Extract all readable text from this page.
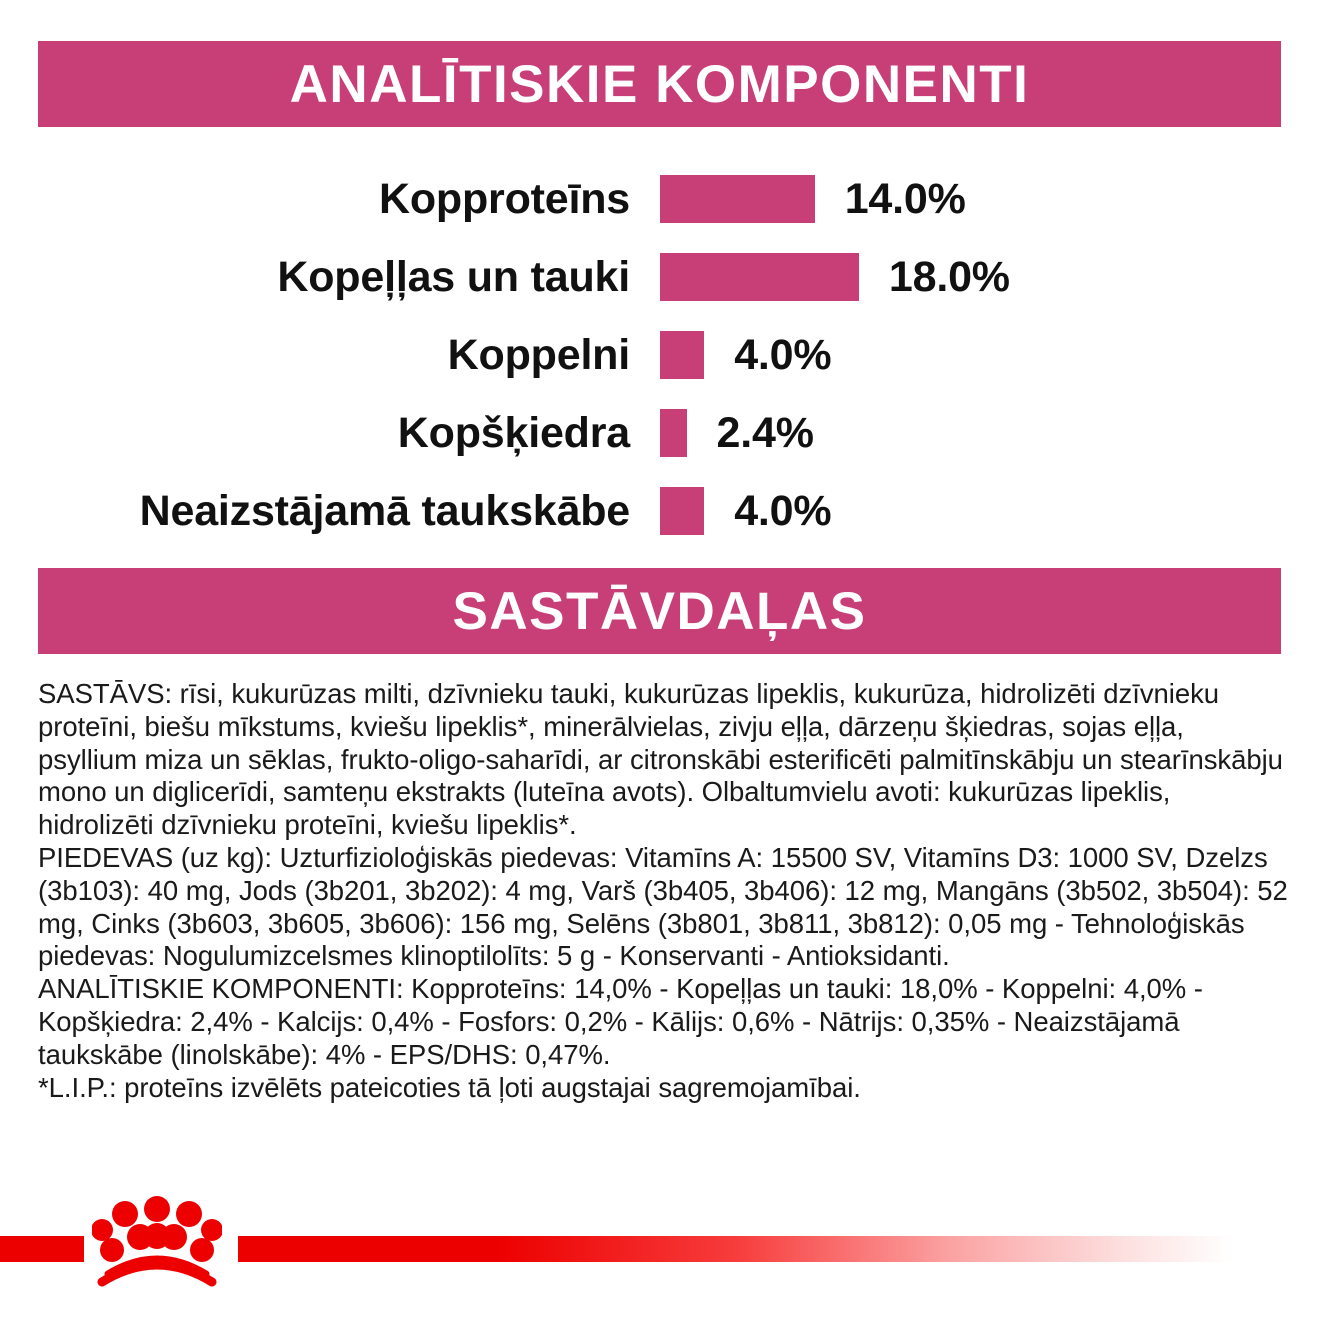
ANALĪTISKIE KOMPONENTI
Kopproteīns	14.0%
Kopeļļas un tauki	18.0%
Koppelni	4.0%
Kopšķiedra	2.4%
Neaizstājamā taukskābe	4.0%
SASTĀVDAĻAS

SASTĀVS: rīsi, kukurūzas milti, dzīvnieku tauki, kukurūzas lipeklis, kukurūza, hidrolizēti dzīvnieku proteīni, biešu mīkstums, kviešu lipeklis*, minerālvielas, zivju eļļa, dārzeņu šķiedras, sojas eļļa, psyllium miza un sēklas, frukto-oligo-saharīdi, ar citronskābi esterificēti palmitīnskābju un stearīnskābju mono un diglicerīdi, samteņu ekstrakts (luteīna avots). Olbaltumvielu avoti: kukurūzas lipeklis, hidrolizēti dzīvnieku proteīni, kviešu lipeklis*.

PIEDEVAS (uz kg): Uzturfizioloģiskās piedevas: Vitamīns A: 15500 SV, Vitamīns D3: 1000 SV, Dzelzs (3b103): 40 mg, Jods (3b201, 3b202): 4 mg, Varš (3b405, 3b406): 12 mg, Mangāns (3b502, 3b504): 52 mg, Cinks (3b603, 3b605, 3b606): 156 mg, Selēns (3b801, 3b811, 3b812): 0,05 mg - Tehnoloģiskās piedevas: Nogulumizcelsmes klinoptilolīts: 5 g - Konservanti - Antioksidanti.

ANALĪTISKIE KOMPONENTI: Kopproteīns: 14,0% - Kopeļļas un tauki: 18,0% - Koppelni: 4,0% - Kopšķiedra: 2,4% - Kalcijs: 0,4% - Fosfors: 0,2% - Kālijs: 0,6% - Nātrijs: 0,35% - Neaizstājamā taukskābe (linolskābe): 4% - EPS/DHS: 0,47%.

*L.I.P.: proteīns izvēlēts pateicoties tā ļoti augstajai sagremojamībai.
